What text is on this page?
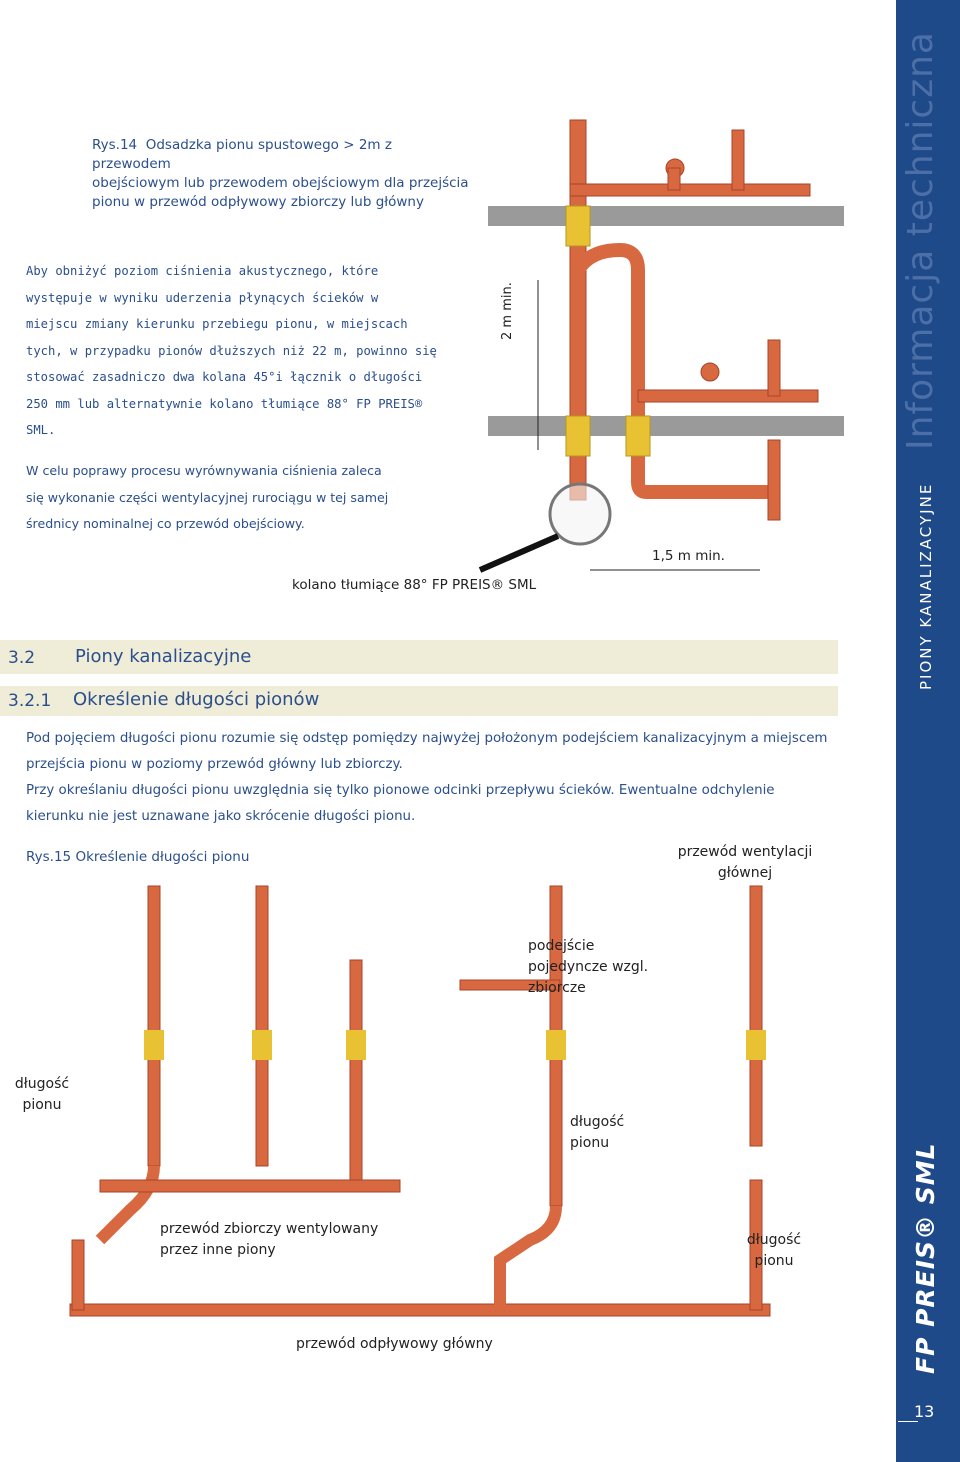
Rys.14 Odsadzka pionu spustowego > 2m z przewodem
obejściowym lub przewodem obejściowym dla przejścia
pionu w przewód odpływowy zbiorczy lub główny
Aby obniżyć poziom ciśnienia akustycznego, które
występuje w wyniku uderzenia płynących ścieków w
miejscu zmiany kierunku przebiegu pionu, w miejscach
tych, w przypadku pionów dłuższych niż 22 m, powinno się
stosować zasadniczo dwa kolana 45°i łącznik o długości
250 mm lub alternatywnie kolano tłumiące 88° FP PREIS®
SML.
W celu poprawy procesu wyrównywania ciśnienia zaleca
się wykonanie części wentylacyjnej rurociągu w tej samej
średnicy nominalnej co przewód obejściowy.
2 m min.
1,5 m min.
kolano tłumiące 88° FP PREIS® SML
3.2 Piony kanalizacyjne
3.2.1 Określenie długości pionów
Pod pojęciem długości pionu rozumie się odstęp pomiędzy najwyżej położonym podejściem kanalizacyjnym a miejscem
przejścia pionu w poziomy przewód główny lub zbiorczy.
Przy określaniu długości pionu uwzględnia się tylko pionowe odcinki przepływu ścieków. Ewentualne odchylenie
kierunku nie jest uznawane jako skrócenie długości pionu.
Rys.15 Określenie długości pionu	przewód wentylacji
głównej
podejście
pojedyncze wzgl.
zbiorcze
długość
pionu
długość
pionu
długość
pionu
przewód zbiorczy wentylowany
przez inne piony
przewód odpływowy główny
Informacja techniczna
PIONY KANALIZACYJNE
FP PREIS® SML
13
